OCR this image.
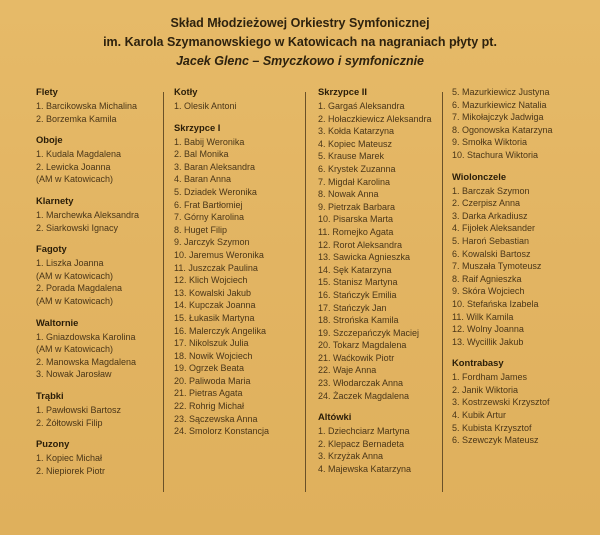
Skład Młodzieżowej Orkiestry Symfonicznej
im. Karola Szymanowskiego w Katowicach na nagraniach płyty pt.
Jacek Glenc – Smyczkowo i symfonicznie
Flety
1. Barcikowska Michalina
2. Borzemka Kamila
Oboje
1. Kudala Magdalena
2. Lewicka Joanna
(AM w Katowicach)
Klarnety
1. Marchewka Aleksandra
2. Siarkowski Ignacy
Fagoty
1. Liszka Joanna
(AM w Katowicach)
2. Porada Magdalena
(AM w Katowicach)
Waltornie
1. Gniazdowska Karolina
(AM w Katowicach)
2. Manowska Magdalena
3. Nowak Jarosław
Trąbki
1. Pawłowski Bartosz
2. Żółtowski Filip
Puzony
1. Kopiec Michał
2. Niepiorek Piotr
Kotły
1. Olesik Antoni
Skrzypce I
1. Babij Weronika
2. Bal Monika
3. Baran Aleksandra
4. Baran Anna
5. Dziadek Weronika
6. Frat Bartłomiej
7. Górny Karolina
8. Huget Filip
9. Jarczyk Szymon
10. Jaremus Weronika
11. Juszczak Paulina
12. Klich Wojciech
13. Kowalski Jakub
14. Kupczak Joanna
15. Łukasik Martyna
16. Malerczyk Angelika
17. Nikolszuk Julia
18. Nowik Wojciech
19. Ogrzek Beata
20. Paliwoda Maria
21. Pietras Agata
22. Rohrig Michał
23. Sączewska Anna
24. Smolorz Konstancja
Skrzypce II
1. Gargaś Aleksandra
2. Hołaczkiewicz Aleksandra
3. Kołda Katarzyna
4. Kopiec Mateusz
5. Krause Marek
6. Krystek Zuzanna
7. Migdał Karolina
8. Nowak Anna
9. Pietrzak Barbara
10. Pisarska Marta
11. Romejko Agata
12. Rorot Aleksandra
13. Sawicka Agnieszka
14. Sęk Katarzyna
15. Stanisz Martyna
16. Stańczyk Emilia
17. Stańczyk Jan
18. Strońska Kamila
19. Szczepańczyk Maciej
20. Tokarz Magdalena
21. Waćkowik Piotr
22. Waje Anna
23. Włodarczak Anna
24. Żaczek Magdalena
Altówki
1. Dziechciarz Martyna
2. Klepacz Bernadeta
3. Krzyżak Anna
4. Majewska Katarzyna
5. Mazurkiewicz Justyna
6. Mazurkiewicz Natalia
7. Mikołajczyk Jadwiga
8. Ogonowska Katarzyna
9. Smołka Wiktoria
10. Stachura Wiktoria
Wiolonczele
1. Barczak Szymon
2. Czerpisz Anna
3. Darka Arkadiusz
4. Fijołek Aleksander
5. Haroń Sebastian
6. Kowalski Bartosz
7. Muszała Tymoteusz
8. Raif Agnieszka
9. Skóra Wojciech
10. Stefańska Izabela
11. Wilk Kamila
12. Wolny Joanna
13. Wycillik Jakub
Kontrabasy
1. Fordham James
2. Janik Wiktoria
3. Kostrzewski Krzysztof
4. Kubik Artur
5. Kubista Krzysztof
6. Szewczyk Mateusz
